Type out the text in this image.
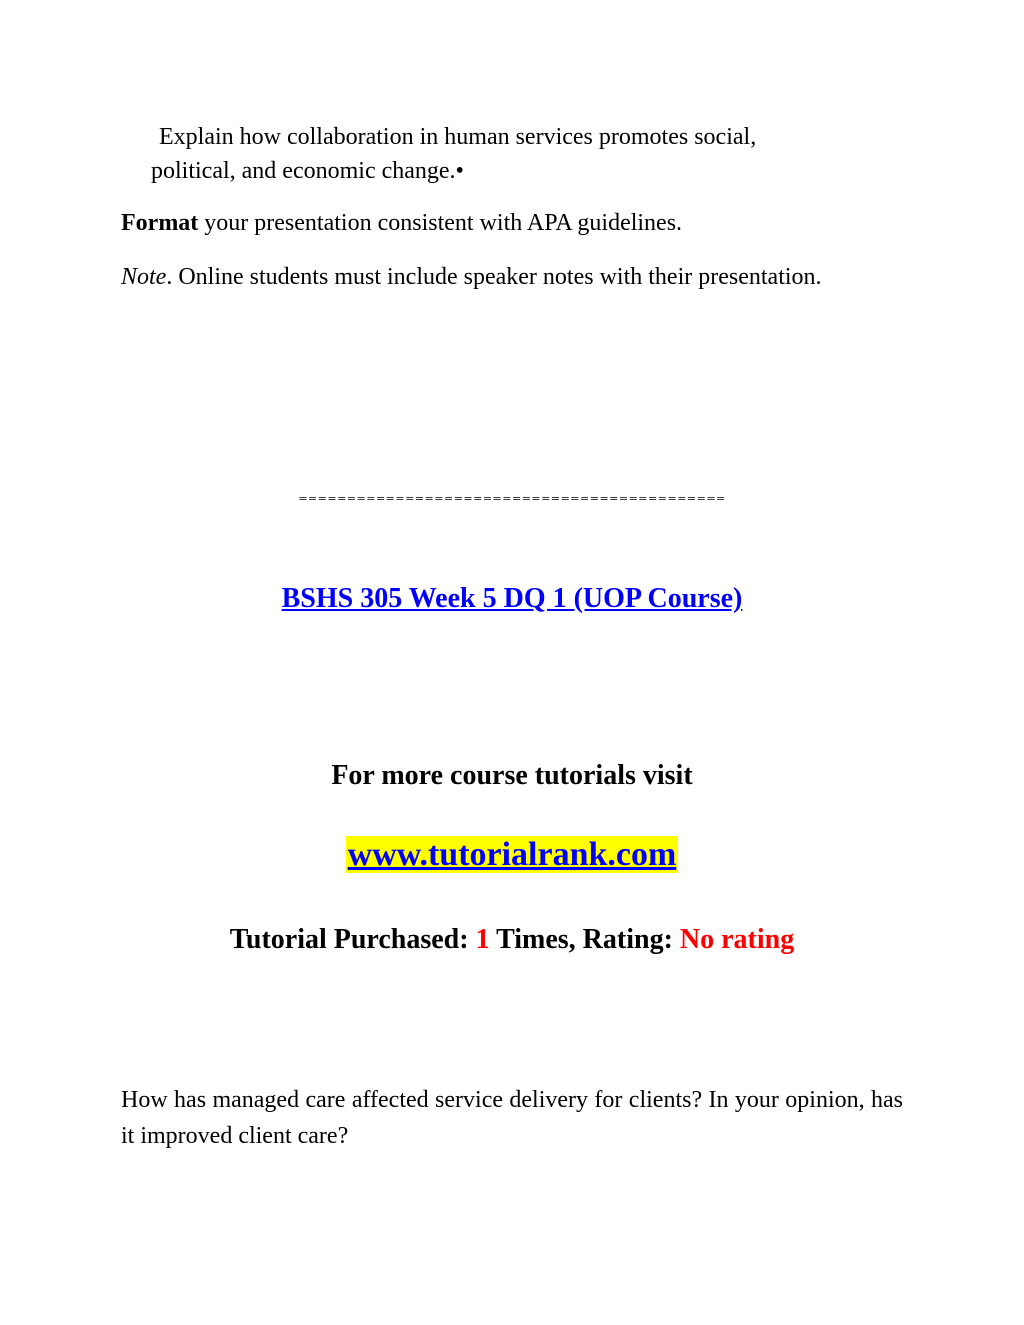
Explain how collaboration in human services promotes social,
political, and economic change.•
Format your presentation consistent with APA guidelines.
Note. Online students must include speaker notes with their presentation.
============================================
BSHS 305 Week 5 DQ 1 (UOP Course)
For more course tutorials visit
www.tutorialrank.com
Tutorial Purchased: 1 Times, Rating: No rating
How has managed care affected service delivery for clients? In your opinion, has it improved client care?
